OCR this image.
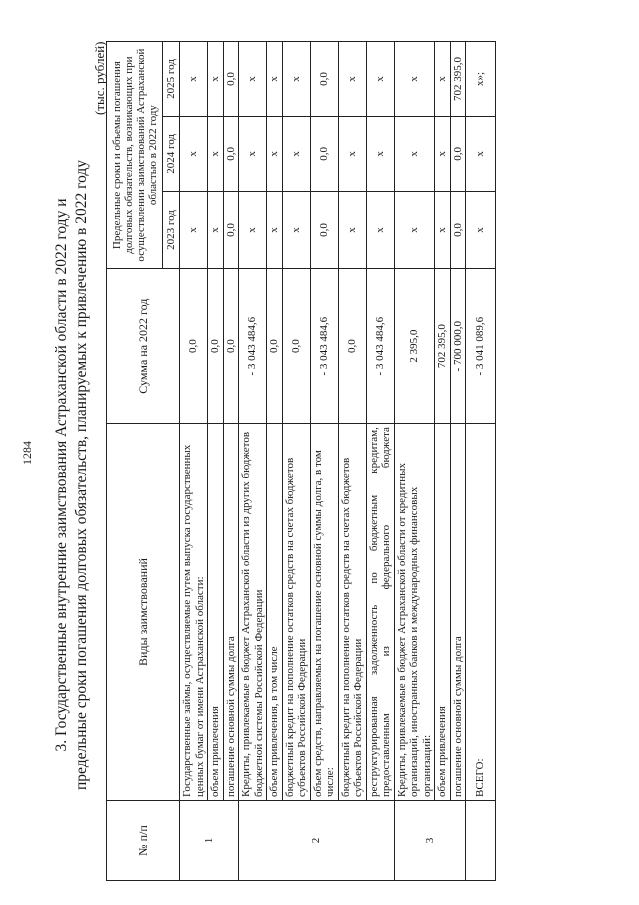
1284 3. Государственные внутренние заимствования Астраханской области в 2022 году и предельные сроки погашения долговых обязательств, планируемых к привлечению в 2022 году
(тыс. рублей)
№ п/п	Виды заимствований	Сумма на 2022 год	Предельные сроки и объемы погашения долговых обязательств, возникающих при осуществлении заимствований Астраханской областью в 2022 году		
			2023 год	2024 год	2025 год
1	Государственные займы, осуществляемые путем выпуска государственных ценных бумаг от имени Астраханской области:	0,0	x	x	x
	объем привлечения	0,0	x	x	x
	погашение основной суммы долга	0,0	0,0	0,0	0,0
2	Кредиты, привлекаемые в бюджет Астраханской области из других бюджетов бюджетной системы Российской Федерации	- 3 043 484,6	x	x	x
	объем привлечения, в том числе	0,0	x	x	x
	бюджетный кредит на пополнение остатков средств на счетах бюджетов субъектов Российской Федерации	0,0	x	x	x
	объем средств, направляемых на погашение основной суммы долга, в том числе:	- 3 043 484,6	0,0	0,0	0,0
	бюджетный кредит на пополнение остатков средств на счетах бюджетов субъектов Российской Федерации	0,0	x	x	x
	реструктурированная задолженность по бюджетным кредитам, предоставленным из федерального бюджета	- 3 043 484,6	x	x	x
3	Кредиты, привлекаемые в бюджет Астраханской области от кредитных организаций, иностранных банков и международных финансовых организаций:	2 395,0	x	x	x
	объем привлечения	702 395,0	x	x	x
	погашение основной суммы долга	- 700 000,0	0,0	0,0	702 395,0
	ВСЕГО:	- 3 041 089,6	x	x	x»;
